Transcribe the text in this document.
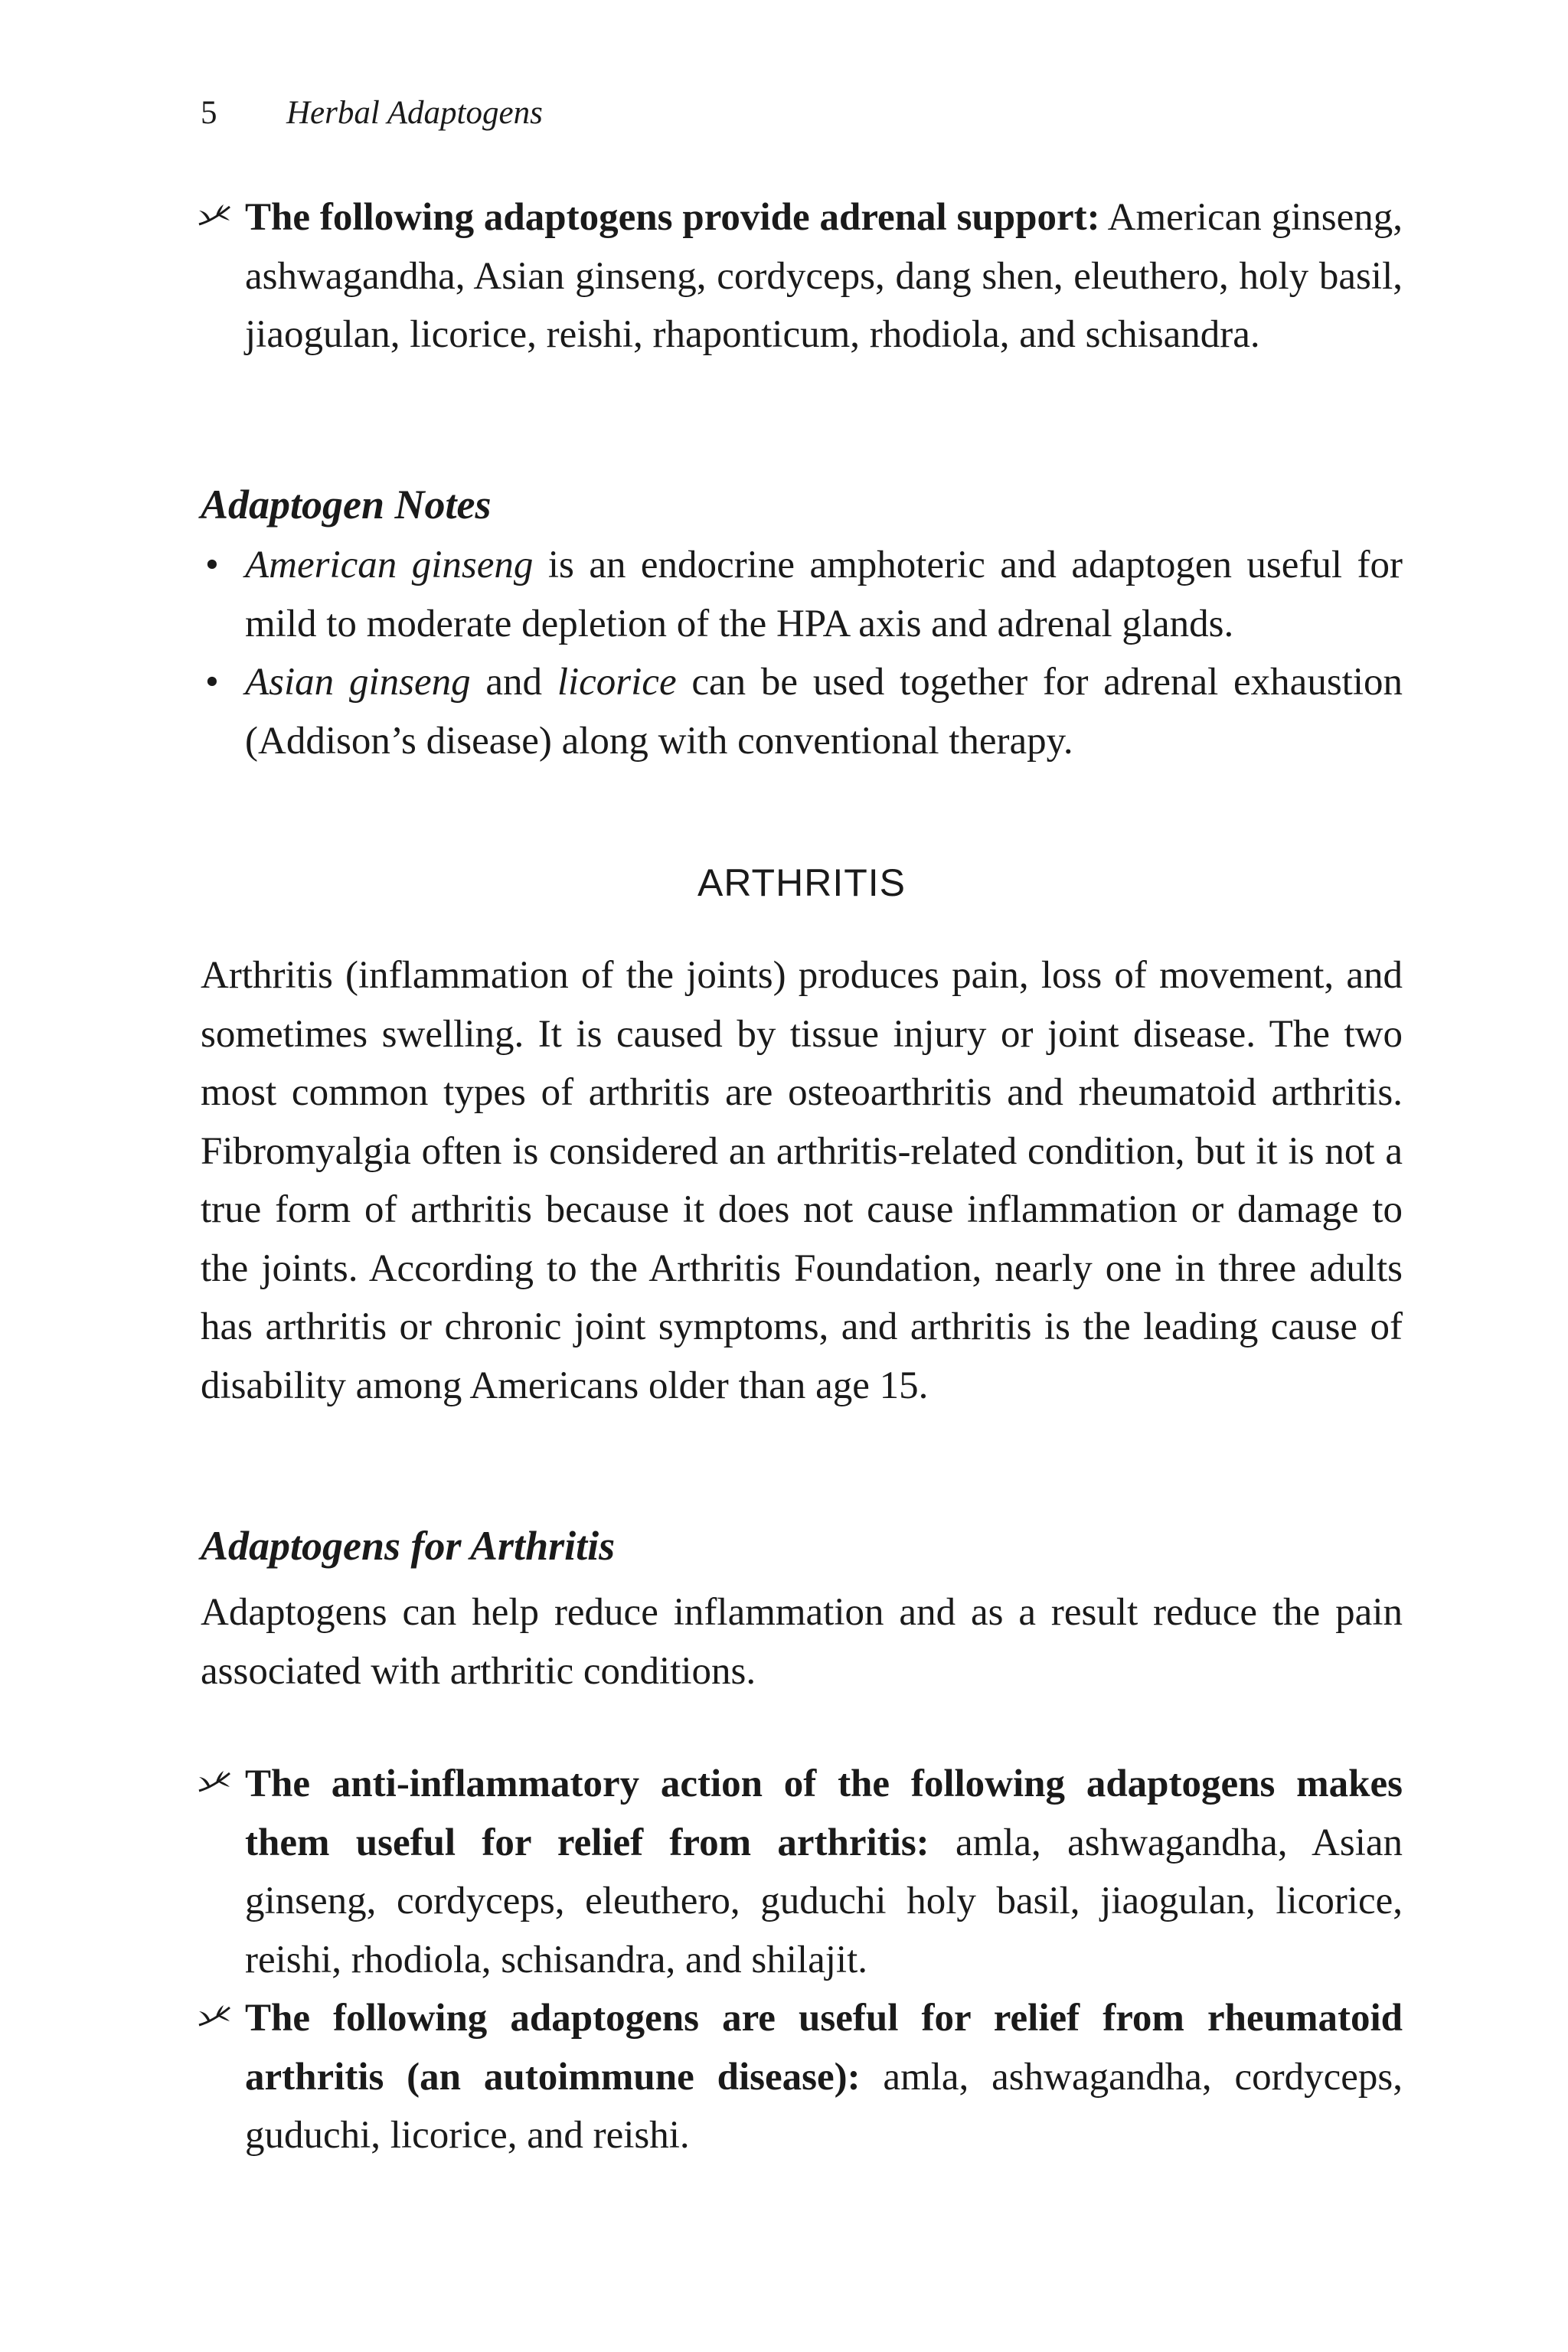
5 Herbal Adaptogens
The following adaptogens provide adrenal support: American ginseng, ashwagandha, Asian ginseng, cordyceps, dang shen, eleuthero, holy basil, jiaogulan, licorice, reishi, rhaponticum, rhodiola, and schisandra.
Adaptogen Notes
• American ginseng is an endocrine amphoteric and adaptogen useful for mild to moderate depletion of the HPA axis and adrenal glands.
• Asian ginseng and licorice can be used together for adrenal exhaustion (Addison’s disease) along with conventional therapy.
ARTHRITIS
Arthritis (inflammation of the joints) produces pain, loss of movement, and sometimes swelling. It is caused by tissue injury or joint disease. The two most common types of arthritis are osteoarthritis and rheumatoid arthritis. Fibromyalgia often is considered an arthritis-related condition, but it is not a true form of arthritis because it does not cause inflammation or damage to the joints. According to the Arthritis Foundation, nearly one in three adults has arthritis or chronic joint symptoms, and arthritis is the leading cause of disability among Americans older than age 15.
Adaptogens for Arthritis
Adaptogens can help reduce inflammation and as a result reduce the pain associated with arthritic conditions.
The anti-inflammatory action of the following adaptogens makes them useful for relief from arthritis: amla, ashwagandha, Asian ginseng, cordyceps, eleuthero, guduchi holy basil, jiaogulan, licorice, reishi, rhodiola, schisandra, and shilajit.
The following adaptogens are useful for relief from rheumatoid arthritis (an autoimmune disease): amla, ashwagandha, cordyceps, guduchi, licorice, and reishi.
